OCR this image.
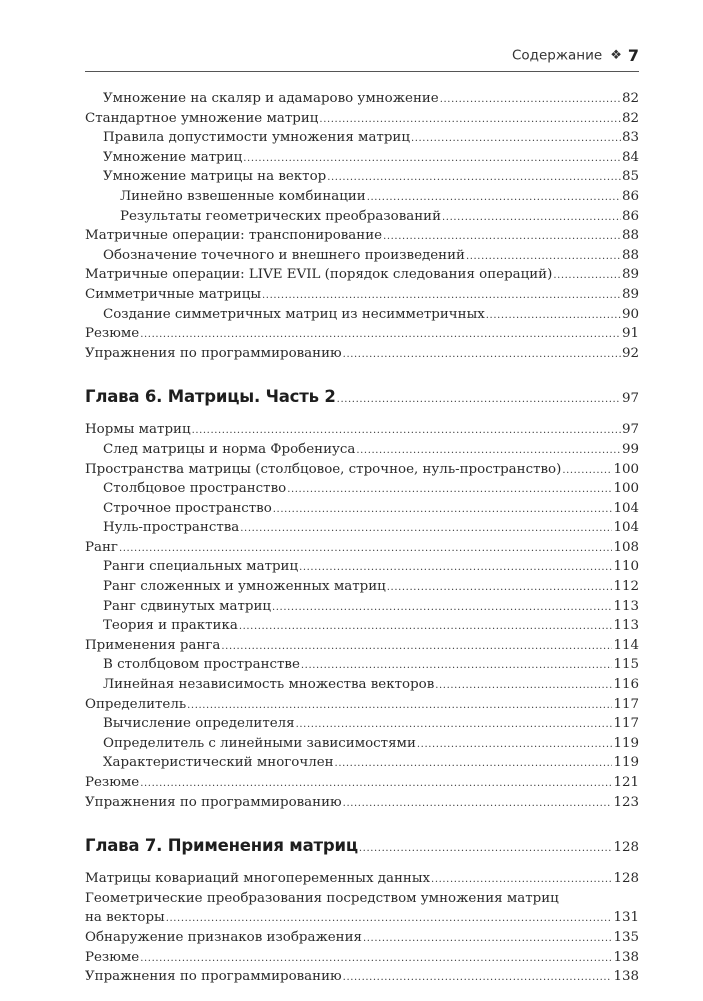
Содержание ❖ 7
Умножение на скаляр и адамарово умножение .....	82
Стандартное умножение матриц .....	82
Правила допустимости умножения матриц .....	83
Умножение матриц .....	84
Умножение матрицы на вектор .....	85
Линейно взвешенные комбинации .....	86
Результаты геометрических преобразований .....	86
Матричные операции: транспонирование .....	88
Обозначение точечного и внешнего произведений .....	88
Матричные операции: LIVE EVIL (порядок следования операций) .....	89
Симметричные матрицы .....	89
Создание симметричных матриц из несимметричных .....	90
Резюме .....	91
Упражнения по программированию .....	92
Глава 6. Матрицы. Часть 2 .....	97
Нормы матриц .....	97
След матрицы и норма Фробениуса .....	99
Пространства матрицы (столбцовое, строчное, нуль-пространство) .....	100
Столбцовое пространство .....	100
Строчное пространство .....	104
Нуль-пространства .....	104
Ранг .....	108
Ранги специальных матриц .....	110
Ранг сложенных и умноженных матриц .....	112
Ранг сдвинутых матриц .....	113
Теория и практика .....	113
Применения ранга .....	114
В столбцовом пространстве .....	115
Линейная независимость множества векторов .....	116
Определитель .....	117
Вычисление определителя .....	117
Определитель с линейными зависимостями .....	119
Характеристический многочлен .....	119
Резюме .....	121
Упражнения по программированию .....	123
Глава 7. Применения матриц .....	128
Матрицы ковариаций многопеременных данных .....	128
Геометрические преобразования посредством умножения матриц
на векторы .....	131
Обнаружение признаков изображения .....	135
Резюме .....	138
Упражнения по программированию .....	138
